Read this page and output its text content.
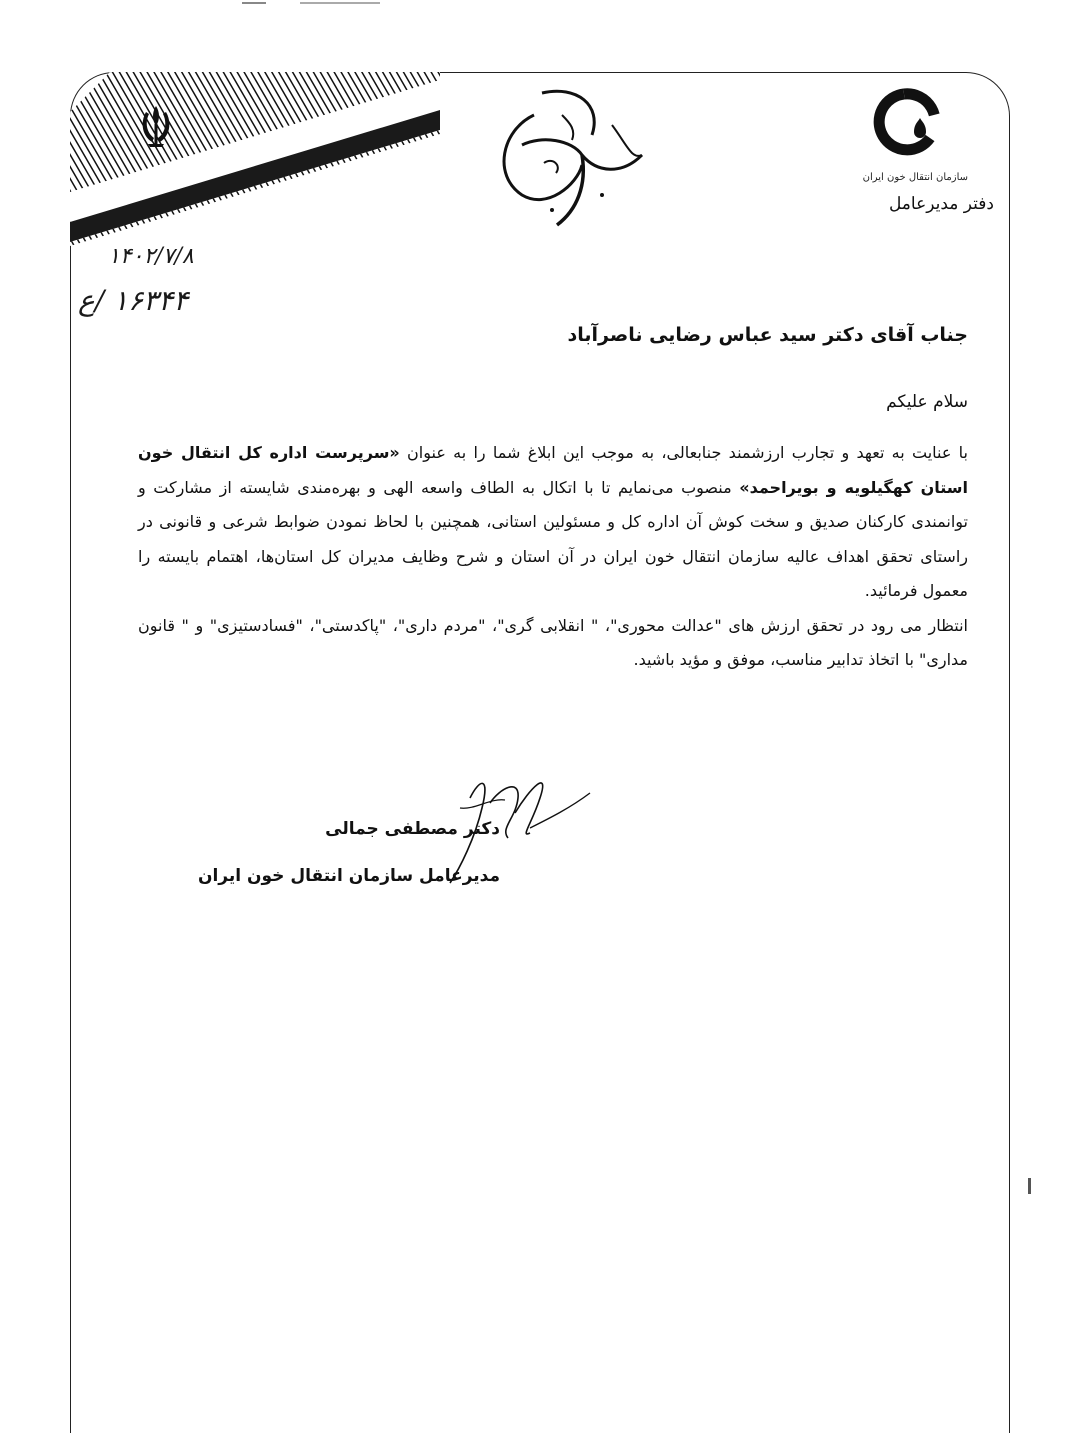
سازمان انتقال خون ایران
دفتر مدیرعامل
۱۴۰۲/۷/۸
۱۶۳۴۴ /ع
جناب آقای دکتر سید عباس رضایی ناصرآباد
سلام علیکم

با عنایت به تعهد و تجارب ارزشمند جنابعالی، به موجب این ابلاغ شما را به عنوان «سرپرست اداره کل انتقال خون استان کهگیلویه و بویراحمد» منصوب می‌نمایم تا با اتکال به الطاف واسعه الهی و بهره‌مندی شایسته از مشارکت و توانمندی کارکنان صدیق و سخت کوش آن اداره کل و مسئولین استانی، همچنین با لحاظ نمودن ضوابط شرعی و قانونی در راستای تحقق اهداف عالیه سازمان انتقال خون ایران در آن استان و شرح وظایف مدیران کل استان‌ها، اهتمام بایسته را معمول فرمائید.

انتظار می رود در تحقق ارزش های "عدالت محوری"، " انقلابی گری"، "مردم داری"، "پاکدستی"، "فسادستیزی" و " قانون مداری" با اتخاذ تدابیر مناسب، موفق و مؤید باشید.

دکتر مصطفی جمالی
مدیرعامل سازمان انتقال خون ایران
